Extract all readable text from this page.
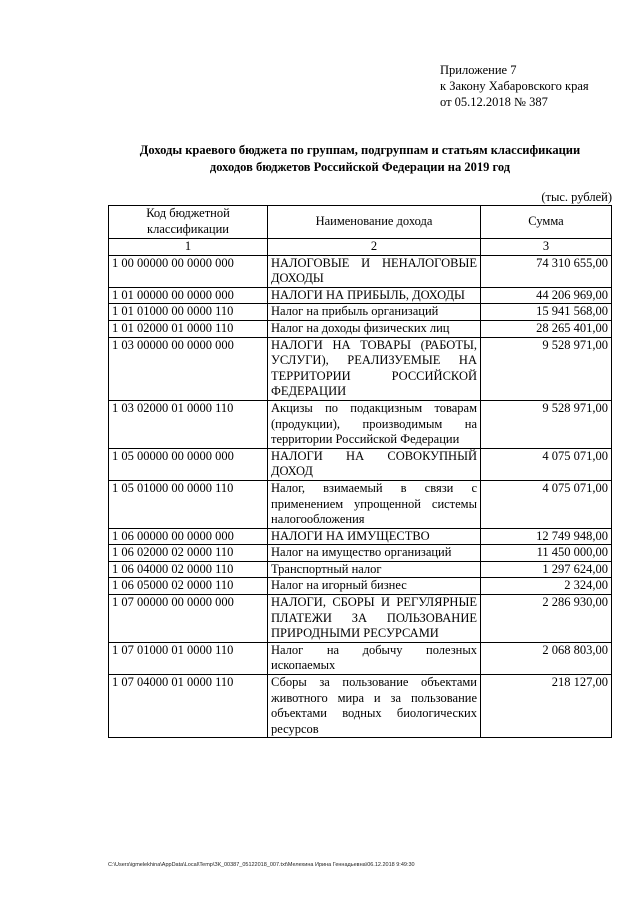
Приложение 7
к Закону Хабаровского края
от 05.12.2018 № 387
Доходы краевого бюджета по группам, подгруппам и статьям классификации
доходов бюджетов Российской Федерации на 2019 год
(тыс. рублей)
Код бюджетной классификации	Наименование дохода	Сумма
1	2	3
1 00 00000 00 0000 000	НАЛОГОВЫЕ И НЕНАЛОГОВЫЕ ДОХОДЫ	74 310 655,00
1 01 00000 00 0000 000	НАЛОГИ НА ПРИБЫЛЬ, ДОХОДЫ	44 206 969,00
1 01 01000 00 0000 110	Налог на прибыль организаций	15 941 568,00
1 01 02000 01 0000 110	Налог на доходы физических лиц	28 265 401,00
1 03 00000 00 0000 000	НАЛОГИ НА ТОВАРЫ (РАБОТЫ, УСЛУГИ), РЕАЛИЗУЕМЫЕ НА ТЕРРИТОРИИ РОССИЙСКОЙ ФЕДЕРАЦИИ	9 528 971,00
1 03 02000 01 0000 110	Акцизы по подакцизным товарам (продукции), производимым на территории Российской Федерации	9 528 971,00
1 05 00000 00 0000 000	НАЛОГИ НА СОВОКУПНЫЙ ДОХОД	4 075 071,00
1 05 01000 00 0000 110	Налог, взимаемый в связи с применением упрощенной системы налогообложения	4 075 071,00
1 06 00000 00 0000 000	НАЛОГИ НА ИМУЩЕСТВО	12 749 948,00
1 06 02000 02 0000 110	Налог на имущество организаций	11 450 000,00
1 06 04000 02 0000 110	Транспортный налог	1 297 624,00
1 06 05000 02 0000 110	Налог на игорный бизнес	2 324,00
1 07 00000 00 0000 000	НАЛОГИ, СБОРЫ И РЕГУЛЯРНЫЕ ПЛАТЕЖИ ЗА ПОЛЬЗОВАНИЕ ПРИРОДНЫМИ РЕСУРСАМИ	2 286 930,00
1 07 01000 01 0000 110	Налог на добычу полезных ископаемых	2 068 803,00
1 07 04000 01 0000 110	Сборы за пользование объектами животного мира и за пользование объектами водных биологических ресурсов	218 127,00
C:\Users\igmelekhina\AppData\Local\Temp\ЗК_00387_05122018_007.txt\Мелехина Ирина Геннадьевна\06.12.2018 9:49:30
